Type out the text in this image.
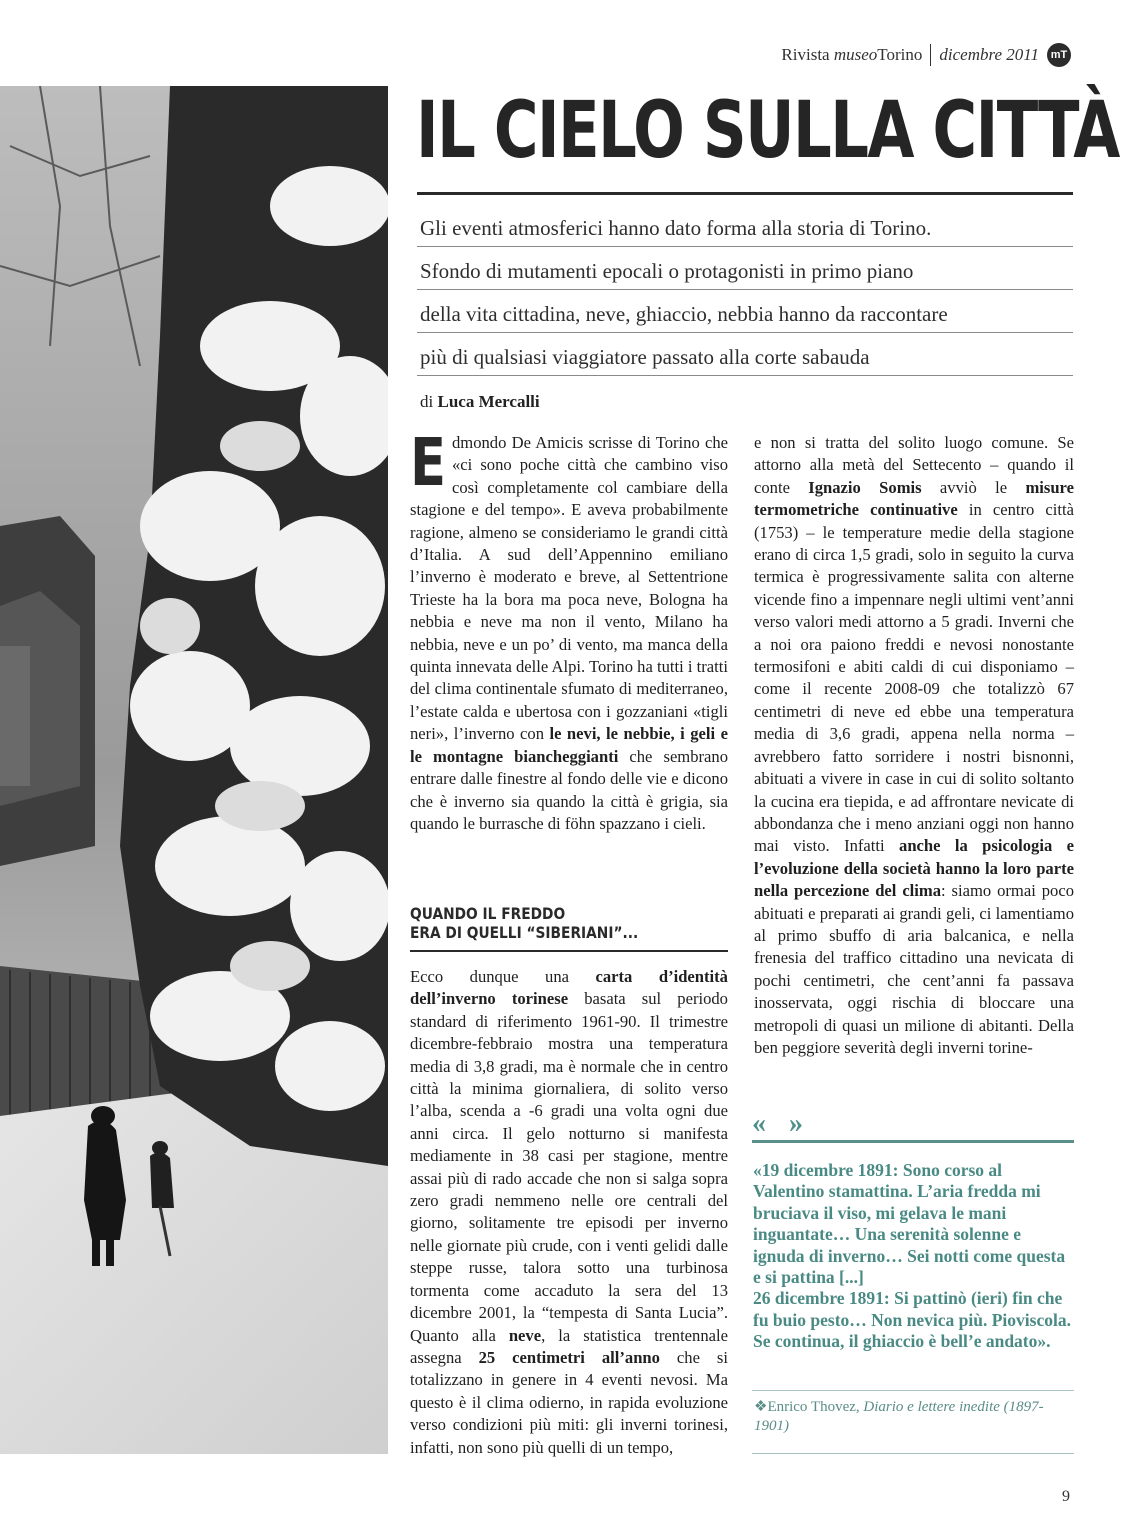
Rivista museoTorino dicembre 2011	mT
IL CIELO SULLA CITTÀ
Gli eventi atmosferici hanno dato forma alla storia di Torino.
Sfondo di mutamenti epocali o protagonisti in primo piano
della vita cittadina, neve, ghiaccio, nebbia hanno da raccontare
più di qualsiasi viaggiatore passato alla corte sabauda
di Luca Mercalli

Edmondo De Amicis scrisse di Torino che «ci sono poche città che cambino viso così completamente col cambiare della stagione e del tempo». E aveva probabilmente ragione, almeno se consideriamo le grandi città d’Italia. A sud dell’Appennino emiliano l’inverno è moderato e breve, al Settentrione Trieste ha la bora ma poca neve, Bologna ha nebbia e neve ma non il vento, Milano ha nebbia, neve e un po’ di vento, ma manca della quinta innevata delle Alpi. Torino ha tutti i tratti del clima continentale sfumato di mediterraneo, l’estate calda e ubertosa con i gozzaniani «tigli neri», l’inverno con le nevi, le nebbie, i geli e le montagne biancheggianti che sembrano entrare dalle finestre al fondo delle vie e dicono che è inverno sia quando la città è grigia, sia quando le burrasche di föhn spazzano i cieli.

QUANDO IL FREDDO
ERA DI QUELLI “SIBERIANI”...

Ecco dunque una carta d’identità dell’inverno torinese basata sul periodo standard di riferimento 1961-90. Il trimestre dicembre-febbraio mostra una temperatura media di 3,8 gradi, ma è normale che in centro città la minima giornaliera, di solito verso l’alba, scenda a -6 gradi una volta ogni due anni circa. Il gelo notturno si manifesta mediamente in 38 casi per stagione, mentre assai più di rado accade che non si salga sopra zero gradi nemmeno nelle ore centrali del giorno, solitamente tre episodi per inverno nelle giornate più crude, con i venti gelidi dalle steppe russe, talora sotto una turbinosa tormenta come accaduto la sera del 13 dicembre 2001, la “tempesta di Santa Lucia”. Quanto alla neve, la statistica trentennale assegna 25 centimetri all’anno che si totalizzano in genere in 4 eventi nevosi. Ma questo è il clima odierno, in rapida evoluzione verso condizioni più miti: gli inverni torinesi, infatti, non sono più quelli di un tempo,

e non si tratta del solito luogo comune. Se attorno alla metà del Settecento – quando il conte Ignazio Somis avviò le misure termometriche continuative in centro città (1753) – le temperature medie della stagione erano di circa 1,5 gradi, solo in seguito la curva termica è progressivamente salita con alterne vicende fino a impennare negli ultimi vent’anni verso valori medi attorno a 5 gradi. Inverni che a noi ora paiono freddi e nevosi nonostante termosifoni e abiti caldi di cui disponiamo – come il recente 2008-09 che totalizzò 67 centimetri di neve ed ebbe una temperatura media di 3,6 gradi, appena nella norma – avrebbero fatto sorridere i nostri bisnonni, abituati a vivere in case in cui di solito soltanto la cucina era tiepida, e ad affrontare nevicate di abbondanza che i meno anziani oggi non hanno mai visto. Infatti anche la psicologia e l’evoluzione della società hanno la loro parte nella percezione del clima: siamo ormai poco abituati e preparati ai grandi geli, ci lamentiamo al primo sbuffo di aria balcanica, e nella frenesia del traffico cittadino una nevicata di pochi centimetri, che cent’anni fa passava inosservata, oggi rischia di bloccare una metropoli di quasi un milione di abitanti. Della ben peggiore severità degli inverni torine-

« »

«19 dicembre 1891: Sono corso al Valentino stamattina. L’aria fredda mi bruciava il viso, mi gelava le mani inguantate… Una serenità solenne e ignuda di inverno… Sei notti come questa e si pattina [...]

26 dicembre 1891: Si pattinò (ieri) fin che fu buio pesto… Non nevica più. Pioviscola. Se continua, il ghiaccio è bell’e andato».

❖Enrico Thovez, Diario e lettere inedite (1897-1901)
9
